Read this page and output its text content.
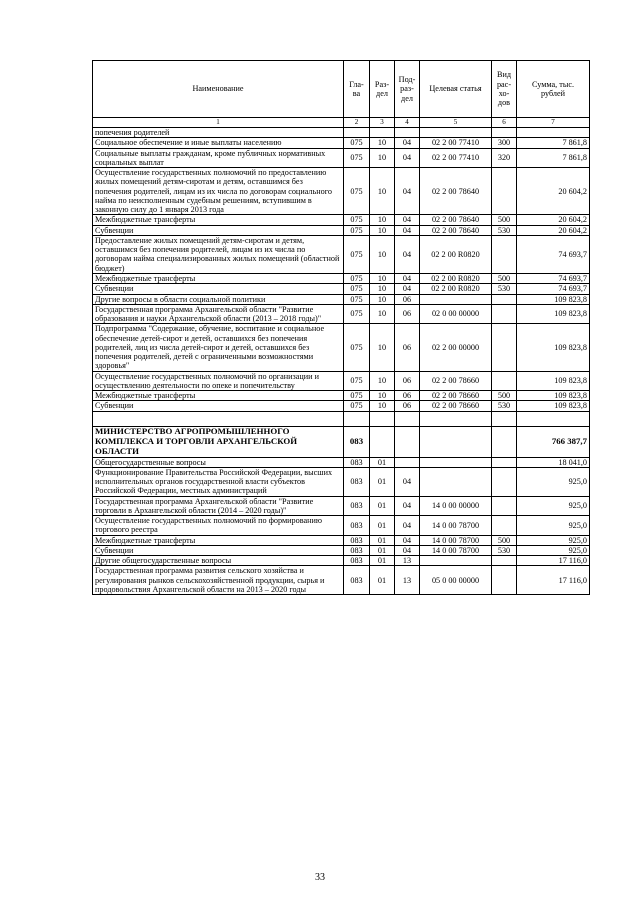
Наименование	Гла-ва	Раз-дел	Под-раз-дел	Целевая статья	Вид рас-хо-дов	Сумма, тыс. рублей
1	2	3	4	5	6	7
попечения родителей						
Социальное обеспечение и иные выплаты населению	075	10	04	02 2 00 77410	300	7 861,8
Социальные выплаты гражданам, кроме публичных нормативных социальных выплат	075	10	04	02 2 00 77410	320	7 861,8
Осуществление государственных полномочий по предоставлению жилых помещений детям-сиротам и детям, оставшимся без попечения родителей, лицам из их числа по договорам социального найма по неисполненным судебным решениям, вступившим в законную силу до 1 января 2013 года	075	10	04	02 2 00 78640		20 604,2
Межбюджетные трансферты	075	10	04	02 2 00 78640	500	20 604,2
Субвенции	075	10	04	02 2 00 78640	530	20 604,2
Предоставление жилых помещений детям-сиротам и детям, оставшимся без попечения родителей, лицам из их числа по договорам найма специализированных жилых помещений (областной бюджет)	075	10	04	02 2 00 R0820		74 693,7
Межбюджетные трансферты	075	10	04	02 2 00 R0820	500	74 693,7
Субвенции	075	10	04	02 2 00 R0820	530	74 693,7
Другие вопросы в области социальной политики	075	10	06			109 823,8
Государственная программа Архангельской области "Развитие образования и науки Архангельской области (2013 – 2018 годы)"	075	10	06	02 0 00 00000		109 823,8
Подпрограмма "Содержание, обучение, воспитание и социальное обеспечение детей-сирот и детей, оставшихся без попечения родителей, лиц из числа детей-сирот и детей, оставшихся без попечения родителей, детей с ограниченными возможностями здоровья"	075	10	06	02 2 00 00000		109 823,8
Осуществление государственных полномочий по организации и осуществлению деятельности по опеке и попечительству	075	10	06	02 2 00 78660		109 823,8
Межбюджетные трансферты	075	10	06	02 2 00 78660	500	109 823,8
Субвенции	075	10	06	02 2 00 78660	530	109 823,8

МИНИСТЕРСТВО АГРОПРОМЫШЛЕННОГО КОМПЛЕКСА И ТОРГОВЛИ АРХАНГЕЛЬСКОЙ ОБЛАСТИ	083					766 387,7
Общегосударственные вопросы	083	01				18 041,0
Функционирование Правительства Российской Федерации, высших исполнительных органов государственной власти субъектов Российской Федерации, местных администраций	083	01	04			925,0
Государственная программа Архангельской области "Развитие торговли в Архангельской области (2014 – 2020 годы)"	083	01	04	14 0 00 00000		925,0
Осуществление государственных полномочий по формированию торгового реестра	083	01	04	14 0 00 78700		925,0
Межбюджетные трансферты	083	01	04	14 0 00 78700	500	925,0
Субвенции	083	01	04	14 0 00 78700	530	925,0
Другие общегосударственные вопросы	083	01	13			17 116,0
Государственная программа развития сельского хозяйства и регулирования рынков сельскохозяйственной продукции, сырья и продовольствия Архангельской области на 2013 – 2020 годы	083	01	13	05 0 00 00000		17 116,0
33
